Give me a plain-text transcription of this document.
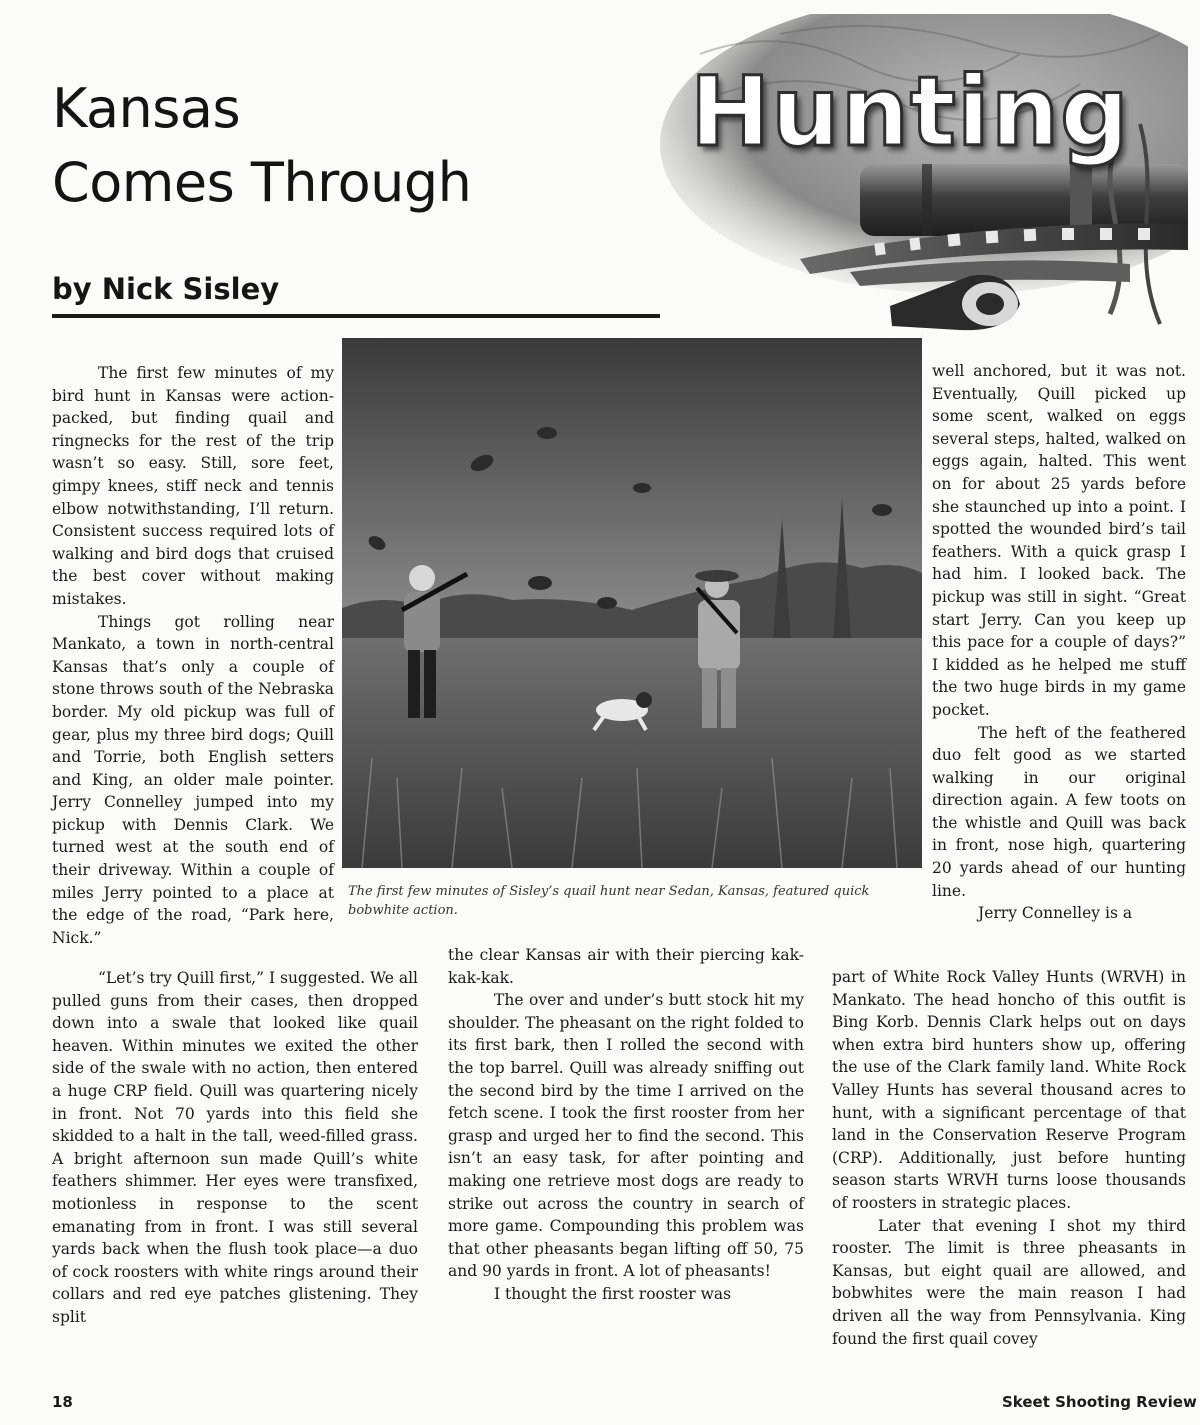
Kansas
Comes Through
by Nick Sisley
Hunting
The first few minutes of Sisley’s quail hunt near Sedan, Kansas, featured quick bobwhite action.

The first few minutes of my bird hunt in Kansas were action-packed, but finding quail and ringnecks for the rest of the trip wasn’t so easy. Still, sore feet, gimpy knees, stiff neck and tennis elbow notwithstanding, I’ll return. Consistent success required lots of walking and bird dogs that cruised the best cover without making mistakes.

Things got rolling near Mankato, a town in north-central Kansas that’s only a couple of stone throws south of the Nebraska border. My old pickup was full of gear, plus my three bird dogs; Quill and Torrie, both English setters and King, an older male pointer. Jerry Connelley jumped into my pickup with Dennis Clark. We turned west at the south end of their driveway. Within a couple of miles Jerry pointed to a place at the edge of the road, “Park here, Nick.”

“Let’s try Quill first,” I suggested. We all pulled guns from their cases, then dropped down into a swale that looked like quail heaven. Within minutes we exited the other side of the swale with no action, then entered a huge CRP field. Quill was quartering nicely in front. Not 70 yards into this field she skidded to a halt in the tall, weed-filled grass. A bright afternoon sun made Quill’s white feathers shimmer. Her eyes were transfixed, motionless in response to the scent emanating from in front. I was still several yards back when the flush took place—a duo of cock roosters with white rings around their collars and red eye patches glistening. They split

the clear Kansas air with their piercing kak-kak-kak.

The over and under’s butt stock hit my shoulder. The pheasant on the right folded to its first bark, then I rolled the second with the top barrel. Quill was already sniffing out the second bird by the time I arrived on the fetch scene. I took the first rooster from her grasp and urged her to find the second. This isn’t an easy task, for after pointing and making one retrieve most dogs are ready to strike out across the country in search of more game. Compounding this problem was that other pheasants began lifting off 50, 75 and 90 yards in front. A lot of pheasants!

I thought the first rooster was

well anchored, but it was not. Eventually, Quill picked up some scent, walked on eggs several steps, halted, walked on eggs again, halted. This went on for about 25 yards before she staunched up into a point. I spotted the wounded bird’s tail feathers. With a quick grasp I had him. I looked back. The pickup was still in sight. “Great start Jerry. Can you keep up this pace for a couple of days?” I kidded as he helped me stuff the two huge birds in my game pocket.

The heft of the feathered duo felt good as we started walking in our original direction again. A few toots on the whistle and Quill was back in front, nose high, quartering 20 yards ahead of our hunting line.

Jerry Connelley is a

part of White Rock Valley Hunts (WRVH) in Mankato. The head honcho of this outfit is Bing Korb. Dennis Clark helps out on days when extra bird hunters show up, offering the use of the Clark family land. White Rock Valley Hunts has several thousand acres to hunt, with a significant percentage of that land in the Conservation Reserve Program (CRP). Additionally, just before hunting season starts WRVH turns loose thousands of roosters in strategic places.

Later that evening I shot my third rooster. The limit is three pheasants in Kansas, but eight quail are allowed, and bobwhites were the main reason I had driven all the way from Pennsylvania. King found the first quail covey

18	Skeet Shooting Review
